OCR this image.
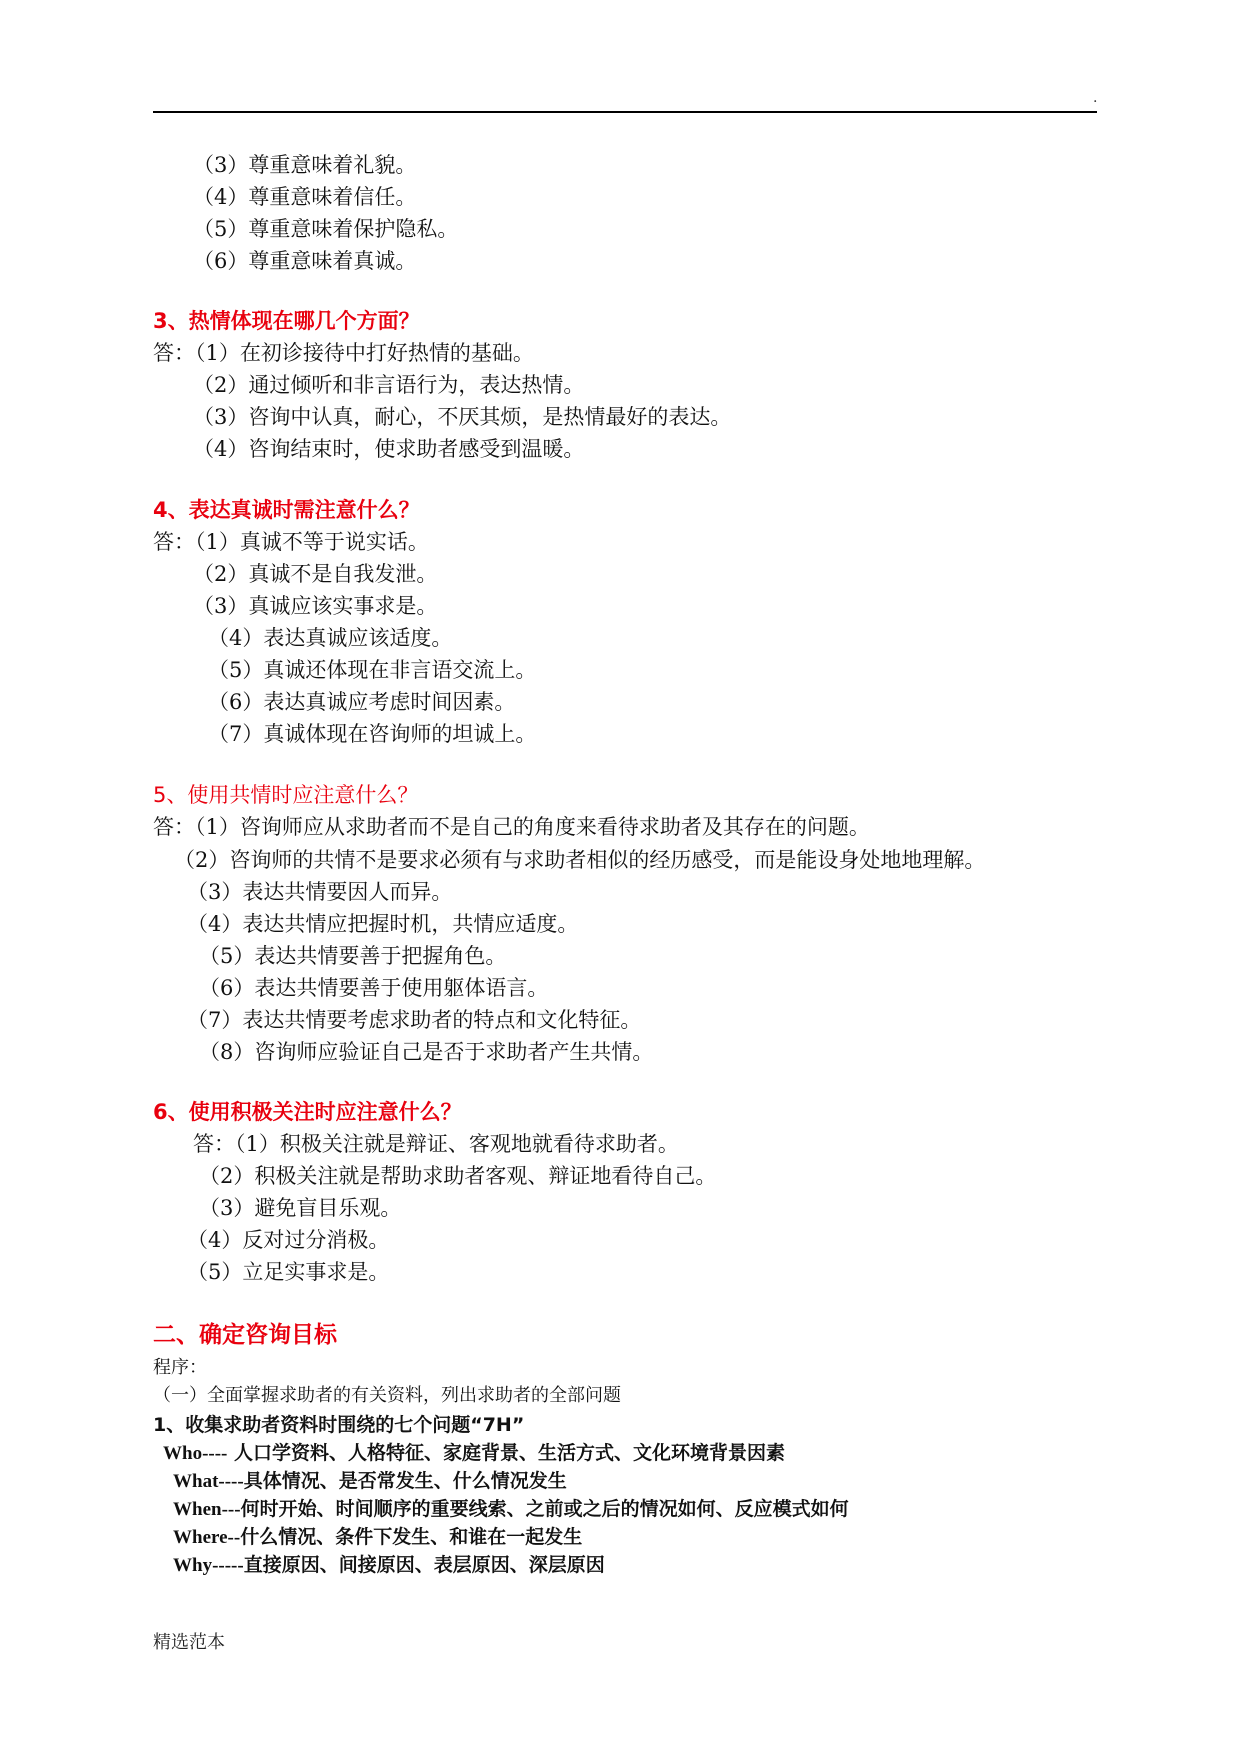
.
（3）尊重意味着礼貌。
（4）尊重意味着信任。
（5）尊重意味着保护隐私。
（6）尊重意味着真诚。
3、热情体现在哪几个方面？
答：（1）在初诊接待中打好热情的基础。
（2）通过倾听和非言语行为，表达热情。
（3）咨询中认真，耐心，不厌其烦，是热情最好的表达。
（4）咨询结束时，使求助者感受到温暖。
4、表达真诚时需注意什么？
答：（1）真诚不等于说实话。
（2）真诚不是自我发泄。
（3）真诚应该实事求是。
（4）表达真诚应该适度。
（5）真诚还体现在非言语交流上。
（6）表达真诚应考虑时间因素。
（7）真诚体现在咨询师的坦诚上。
5、使用共情时应注意什么？
答：（1）咨询师应从求助者而不是自己的角度来看待求助者及其存在的问题。
（2）咨询师的共情不是要求必须有与求助者相似的经历感受，而是能设身处地地理解。
（3）表达共情要因人而异。
（4）表达共情应把握时机，共情应适度。
（5）表达共情要善于把握角色。
（6）表达共情要善于使用躯体语言。
（7）表达共情要考虑求助者的特点和文化特征。
（8）咨询师应验证自己是否于求助者产生共情。
6、使用积极关注时应注意什么？
答：（1）积极关注就是辩证、客观地就看待求助者。
（2）积极关注就是帮助求助者客观、辩证地看待自己。
（3）避免盲目乐观。
（4）反对过分消极。
（5）立足实事求是。
二、确定咨询目标
程序：
（一）全面掌握求助者的有关资料，列出求助者的全部问题
1、收集求助者资料时围绕的七个问题“7H”
Who---- 人口学资料、人格特征、家庭背景、生活方式、文化环境背景因素
What----具体情况、是否常发生、什么情况发生
When---何时开始、时间顺序的重要线索、之前或之后的情况如何、反应模式如何
Where--什么情况、条件下发生、和谁在一起发生
Why-----直接原因、间接原因、表层原因、深层原因
精选范本
